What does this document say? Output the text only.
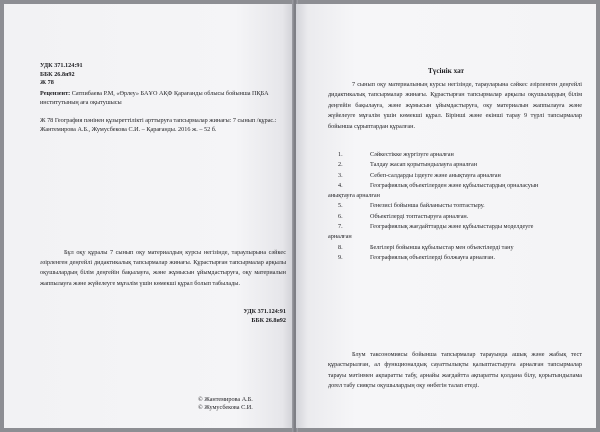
УДК 371.124:91
ББК 26.8я92
Ж 78
Рецензент: Сатпибаева Р.М, «Өрлеу» БАҰО АҚФ Қарағанды облысы бойынша ПҚБА институтының аға оқытушысы
Ж 78 География пәнінен құзыреттілікті арттыруға тапсырмалар жинағы: 7 сынып /құрас.: Жантемирова А.Б., Жумусбекова С.И. – Қарағанды. 2016 ж. – 52 б.
Бұл оқу құралы 7 сынып оқу материалдың курсы негізінде, тараулырына сәйкес әзірленген деңгейлі дидактикалық тапсырмалар жинағы. Құрастырған тапсырмалар арқылы оқушылардың білім деңгейін бақылауға, және жұмысын ұйымдастыруға, оқу материалын жаппылауға және жүйелеуге мұғалім үшін көмекші құрал болып табылады.
УДК 371.124:91
ББК 26.8я92
© Жантемирова А.Б.
© Жумусбекова С.И.
Түсінік хат
7 сынып оқу материалының курсы негізінде, тарауларына сәйкес әзірленген деңгейлі дидактикалық тапсырмалар жинағы. Құрастырған тапсырмалар арқылы оқушылардың білім деңгейін бақылауға, және жұмысын ұйымдастыруға, оқу материалын жаппылауға және жүйелеуге мұғалім үшін көмекші құрал. Бірінші және екінші тарау 9 түрлі тапсырмалар бойынша сұрыптардан құралған.
1.	Сәйкестікке жүргізуге арналған
2.	Талдау жасап қорытындылауға арналған
3.	Себеп-салдарды іздеуге және анықтауға арналған
4.	Географиялық объектілерден және құбылыстардың орналасуын
анықтауға арналған
5.	Генезисі бойынша байланысты топтастыру.
6.	Объектілерді топтастыруға арналған.
7.	Географиялық жағдайттарды және құбылыстарды моделдеуге
арналған
8.	Белгілері бойынша құбылыстар мен объектілерді тану
9.	Географиялық объектілерді болжауға арналған.
Блум таксономиясы бойынша тапсырмалар тарауында ашық және жабық тест құрастырылған, ал функционалдық сауаттылықты қалыптастыруға арналған тапсырмалар тарауы мәтінмен ақпаратты табу, арнайы жағдайтта ақпаратты қолдана білу, қорытындылама доrел табу сияқты оқушылардың оқу өнбегін талап етеді.
